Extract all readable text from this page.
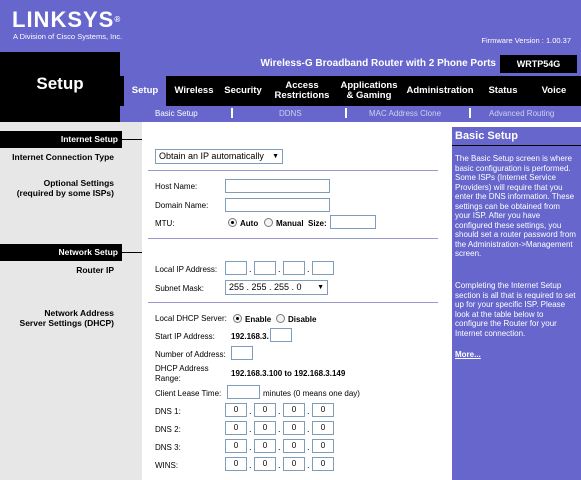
LINKSYS®
A Division of Cisco Systems, Inc.	Firmware Version : 1.00.37
Setup
Wireless-G Broadband Router with 2 Phone Ports	WRTP54G
Setup	Wireless	Security	Access
Restrictions
Applications
& Gaming	Administration	Status	Voice
Basic Setup	DDNS	MAC Address Clone	Advanced Routing
Internet Setup
Internet Connection Type
Optional Settings
(required by some ISPs)
Network Setup
Router IP
Network Address
Server Settings (DHCP)
Obtain an IP automatically ▼
Host Name:
Domain Name:
MTU:	Auto Manual Size:
Local IP Address:	.	.	.
Subnet Mask:	255 . 255 . 255 . 0 ▼
Local DHCP Server: Enable Disable
Start IP Address: 192.168.3.
Number of Address:
DHCP Address
Range:	192.168.3.100 to 192.168.3.149
Client Lease Time:	minutes (0 means one day)
DNS 1:	0	.	0	.	0	.	0
DNS 2:	0	.	0	.	0	.	0
DNS 3:	0	.	0	.	0	.	0
WINS:	0	.	0	.	0	.	0
Basic Setup
The Basic Setup screen is where basic configuration is performed. Some ISPs (Internet Service Providers) will require that you enter the DNS information. These settings can be obtained from your ISP. After you have configured these settings, you should set a router password from the Administration->Management screen.
Completing the Internet Setup section is all that is required to set up for your specific ISP. Please look at the table below to configure the Router for your Internet connection.
More...
